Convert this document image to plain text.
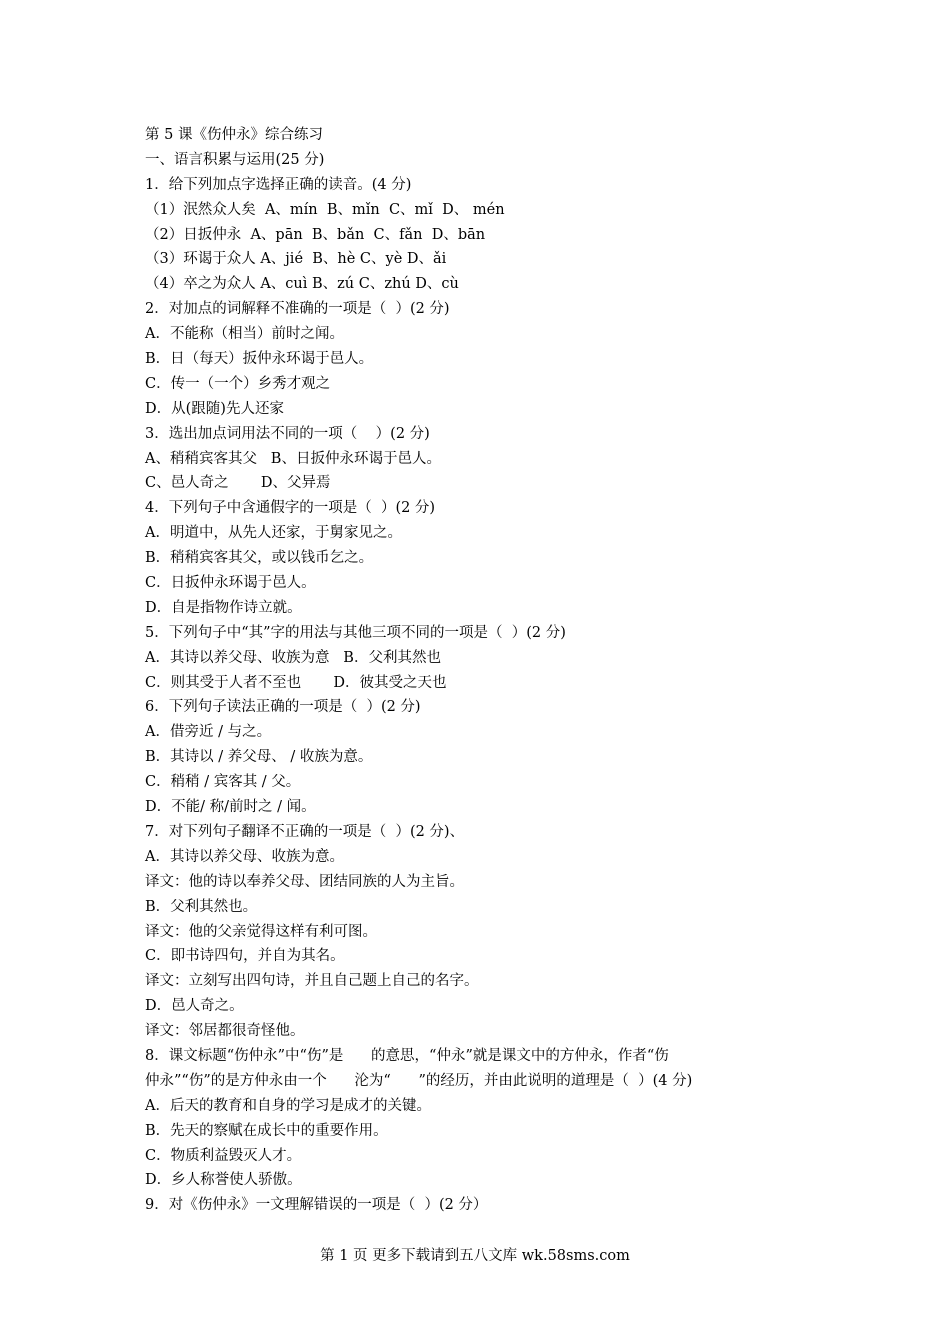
第 5 课《伤仲永》综合练习
一、语言积累与运用(25 分)
1．给下列加点字选择正确的读音。(4 分)
（1）泯然众人矣  A、mín  B、mǐn  C、mǐ  D、 mén
（2）日扳仲永  A、pān  B、bǎn  C、fǎn  D、bān
（3）环谒于众人 A、jié  B、hè C、yè D、ǎi
（4）卒之为众人 A、cuì B、zú C、zhú D、cù
2．对加点的词解释不准确的一项是（  ）(2 分)
A．不能称（相当）前时之闻。
B．日（每天）扳仲永环谒于邑人。
C．传一（一个）乡秀才观之
D．从(跟随)先人还家
3．选出加点词用法不同的一项（    ）(2 分)
A、稍稍宾客其父   B、日扳仲永环谒于邑人。
C、邑人奇之       D、父异焉
4．下列句子中含通假字的一项是（  ）(2 分)
A．明道中，从先人还家，于舅家见之。
B．稍稍宾客其父，或以钱币乞之。
C．日扳仲永环谒于邑人。
D．自是指物作诗立就。
5．下列句子中“其”字的用法与其他三项不同的一项是（  ）(2 分)
A．其诗以养父母、收族为意   B．父利其然也
C．则其受于人者不至也       D．彼其受之天也
6．下列句子读法正确的一项是（  ）(2 分)
A．借旁近 / 与之。
B．其诗以 / 养父母、 / 收族为意。
C．稍稍 / 宾客其 / 父。
D．不能/ 称/前时之 / 闻。
7．对下列句子翻译不正确的一项是（  ）(2 分)、
A．其诗以养父母、收族为意。
译文：他的诗以奉养父母、团结同族的人为主旨。
B．父利其然也。
译文：他的父亲觉得这样有利可图。
C．即书诗四句，并自为其名。
译文：立刻写出四句诗，并且自己题上自己的名字。
D．邑人奇之。
译文：邻居都很奇怪他。
8．课文标题“伤仲永”中“伤”是      的意思，“仲永”就是课文中的方仲永，作者“伤
仲永”“伤”的是方仲永由一个      沦为“      ”的经历，并由此说明的道理是（  ）(4 分)
A．后天的教育和自身的学习是成才的关键。
B．先天的察赋在成长中的重要作用。
C．物质利益毁灭人才。
D．乡人称誉使人骄傲。
9．对《伤仲永》一文理解错误的一项是（  ）(2 分）
第 1 页 更多下载请到五八文库 wk.58sms.com
